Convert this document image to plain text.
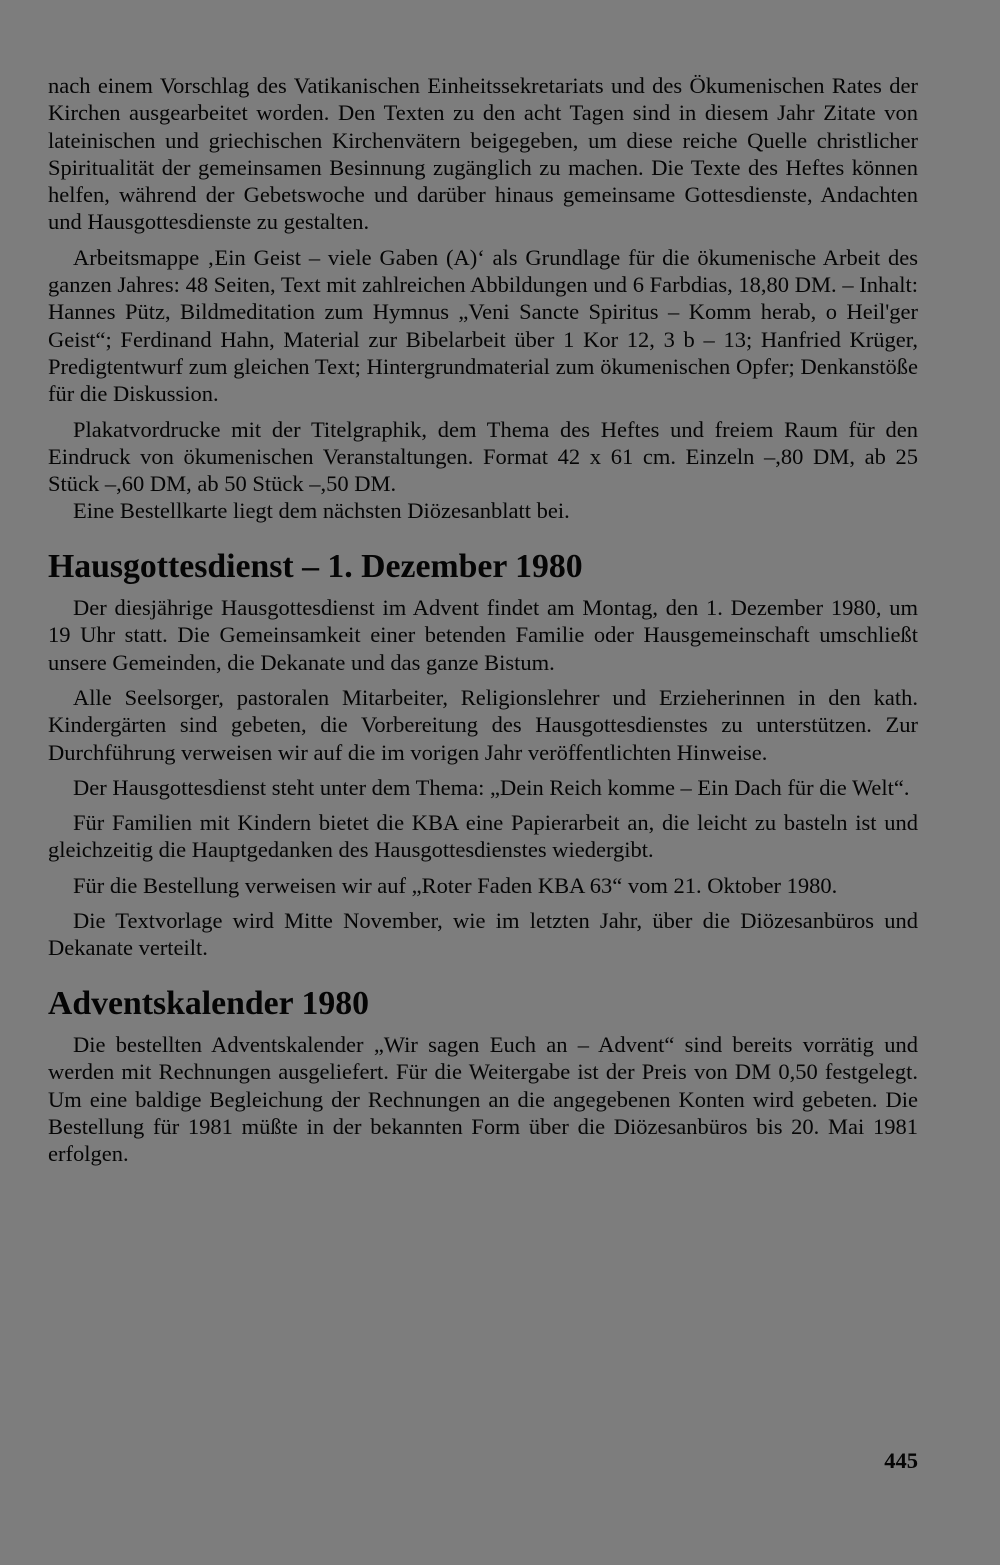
nach einem Vorschlag des Vatikanischen Einheitssekretariats und des Ökumenischen Rates der Kirchen ausgearbeitet worden. Den Texten zu den acht Tagen sind in diesem Jahr Zitate von lateinischen und griechischen Kirchenvätern beigegeben, um diese reiche Quelle christlicher Spiritualität der gemeinsamen Besinnung zugänglich zu machen. Die Texte des Heftes können helfen, während der Gebetswoche und darüber hinaus gemeinsame Gottesdienste, Andachten und Hausgottesdienste zu gestalten.

Arbeitsmappe ‚Ein Geist – viele Gaben (A)‘ als Grundlage für die ökumenische Arbeit des ganzen Jahres: 48 Seiten, Text mit zahlreichen Abbildungen und 6 Farbdias, 18,80 DM. – Inhalt: Hannes Pütz, Bildmeditation zum Hymnus „Veni Sancte Spiritus – Komm herab, o Heil'ger Geist“; Ferdinand Hahn, Material zur Bibelarbeit über 1 Kor 12, 3 b – 13; Hanfried Krüger, Predigtentwurf zum gleichen Text; Hintergrundmaterial zum ökumenischen Opfer; Denkanstöße für die Diskussion.

Plakatvordrucke mit der Titelgraphik, dem Thema des Heftes und freiem Raum für den Eindruck von ökumenischen Veranstaltungen. Format 42 x 61 cm. Einzeln –,80 DM, ab 25 Stück –,60 DM, ab 50 Stück –,50 DM.

Eine Bestellkarte liegt dem nächsten Diözesanblatt bei.

Hausgottesdienst – 1. Dezember 1980

Der diesjährige Hausgottesdienst im Advent findet am Montag, den 1. Dezember 1980, um 19 Uhr statt. Die Gemeinsamkeit einer betenden Familie oder Hausgemeinschaft umschließt unsere Gemeinden, die Dekanate und das ganze Bistum.

Alle Seelsorger, pastoralen Mitarbeiter, Religionslehrer und Erzieherinnen in den kath. Kindergärten sind gebeten, die Vorbereitung des Hausgottesdienstes zu unterstützen. Zur Durchführung verweisen wir auf die im vorigen Jahr veröffentlichten Hinweise.

Der Hausgottesdienst steht unter dem Thema: „Dein Reich komme – Ein Dach für die Welt“.

Für Familien mit Kindern bietet die KBA eine Papierarbeit an, die leicht zu basteln ist und gleichzeitig die Hauptgedanken des Hausgottesdienstes wiedergibt.

Für die Bestellung verweisen wir auf „Roter Faden KBA 63“ vom 21. Oktober 1980.

Die Textvorlage wird Mitte November, wie im letzten Jahr, über die Diözesanbüros und Dekanate verteilt.

Adventskalender 1980

Die bestellten Adventskalender „Wir sagen Euch an – Advent“ sind bereits vorrätig und werden mit Rechnungen ausgeliefert. Für die Weitergabe ist der Preis von DM 0,50 festgelegt. Um eine baldige Begleichung der Rechnungen an die angegebenen Konten wird gebeten. Die Bestellung für 1981 müßte in der bekannten Form über die Diözesanbüros bis 20. Mai 1981 erfolgen.

445
